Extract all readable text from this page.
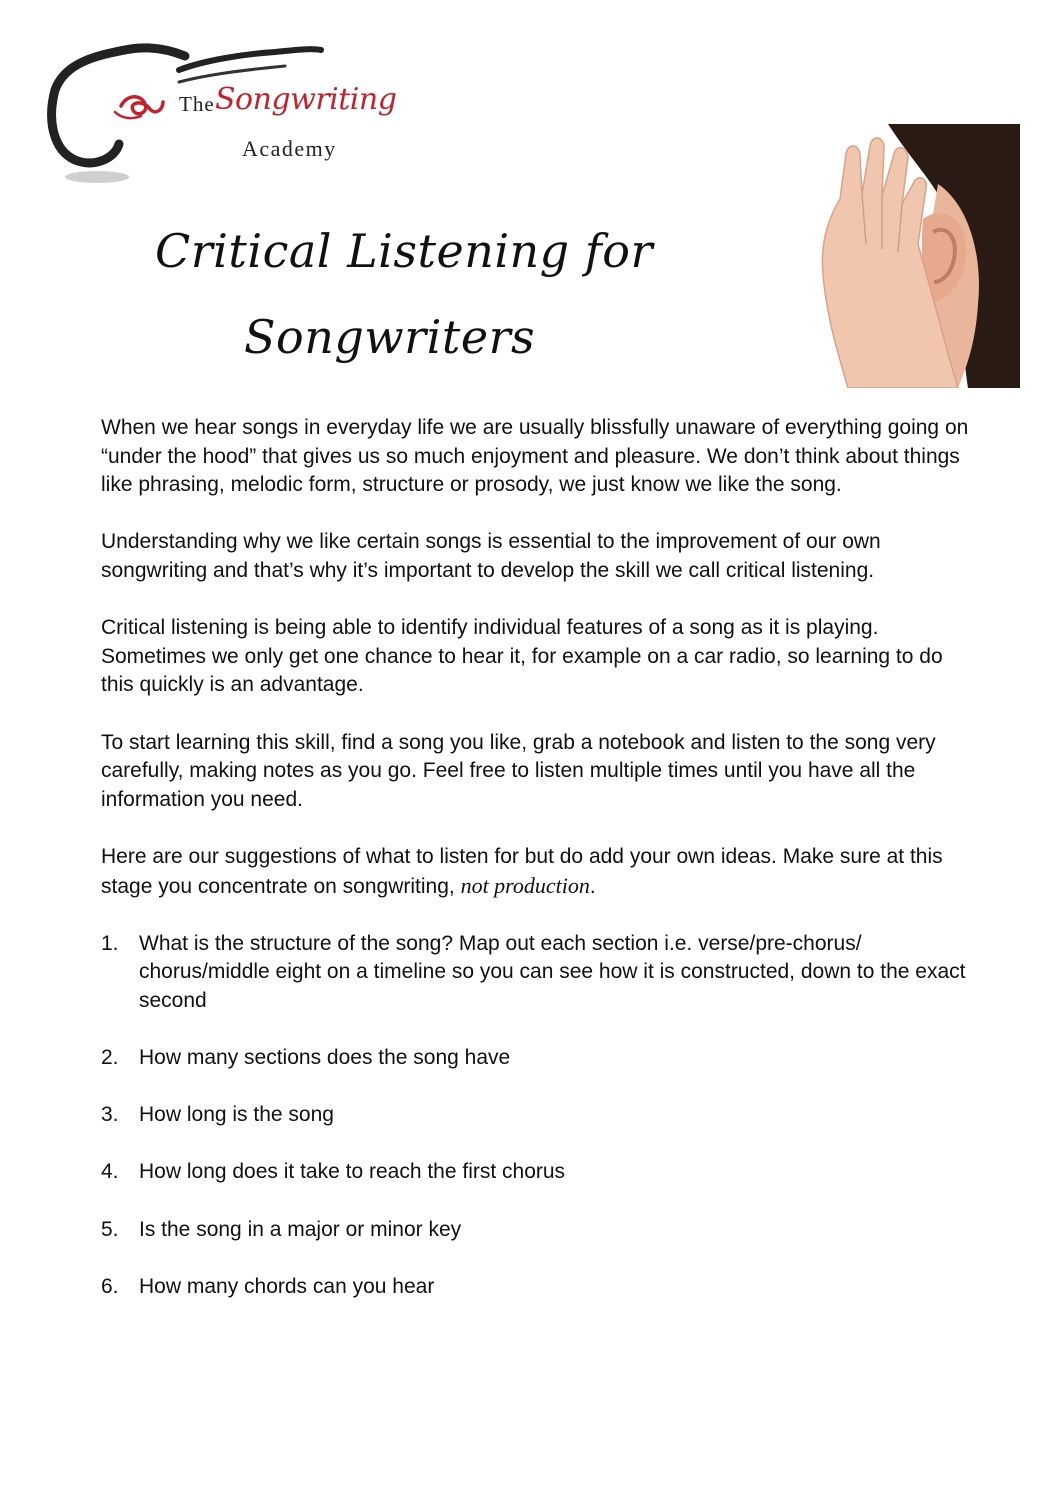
The Songwriting
Academy
Critical Listening for
Songwriters

When we hear songs in everyday life we are usually blissfully unaware of everything going on “under the hood” that gives us so much enjoyment and pleasure. We don’t think about things like phrasing, melodic form, structure or prosody, we just know we like the song.

Understanding why we like certain songs is essential to the improvement of our own songwriting and that’s why it’s important to develop the skill we call critical listening.

Critical listening is being able to identify individual features of a song as it is playing. Sometimes we only get one chance to hear it, for example on a car radio, so learning to do this quickly is an advantage.

To start learning this skill, find a song you like, grab a notebook and listen to the song very carefully, making notes as you go. Feel free to listen multiple times until you have all the information you need.

Here are our suggestions of what to listen for but do add your own ideas. Make sure at this stage you concentrate on songwriting, not production.

1. What is the structure of the song? Map out each section i.e. verse/pre-chorus/ chorus/middle eight on a timeline so you can see how it is constructed, down to the exact second
2. How many sections does the song have
3. How long is the song
4. How long does it take to reach the first chorus
5. Is the song in a major or minor key
6. How many chords can you hear
